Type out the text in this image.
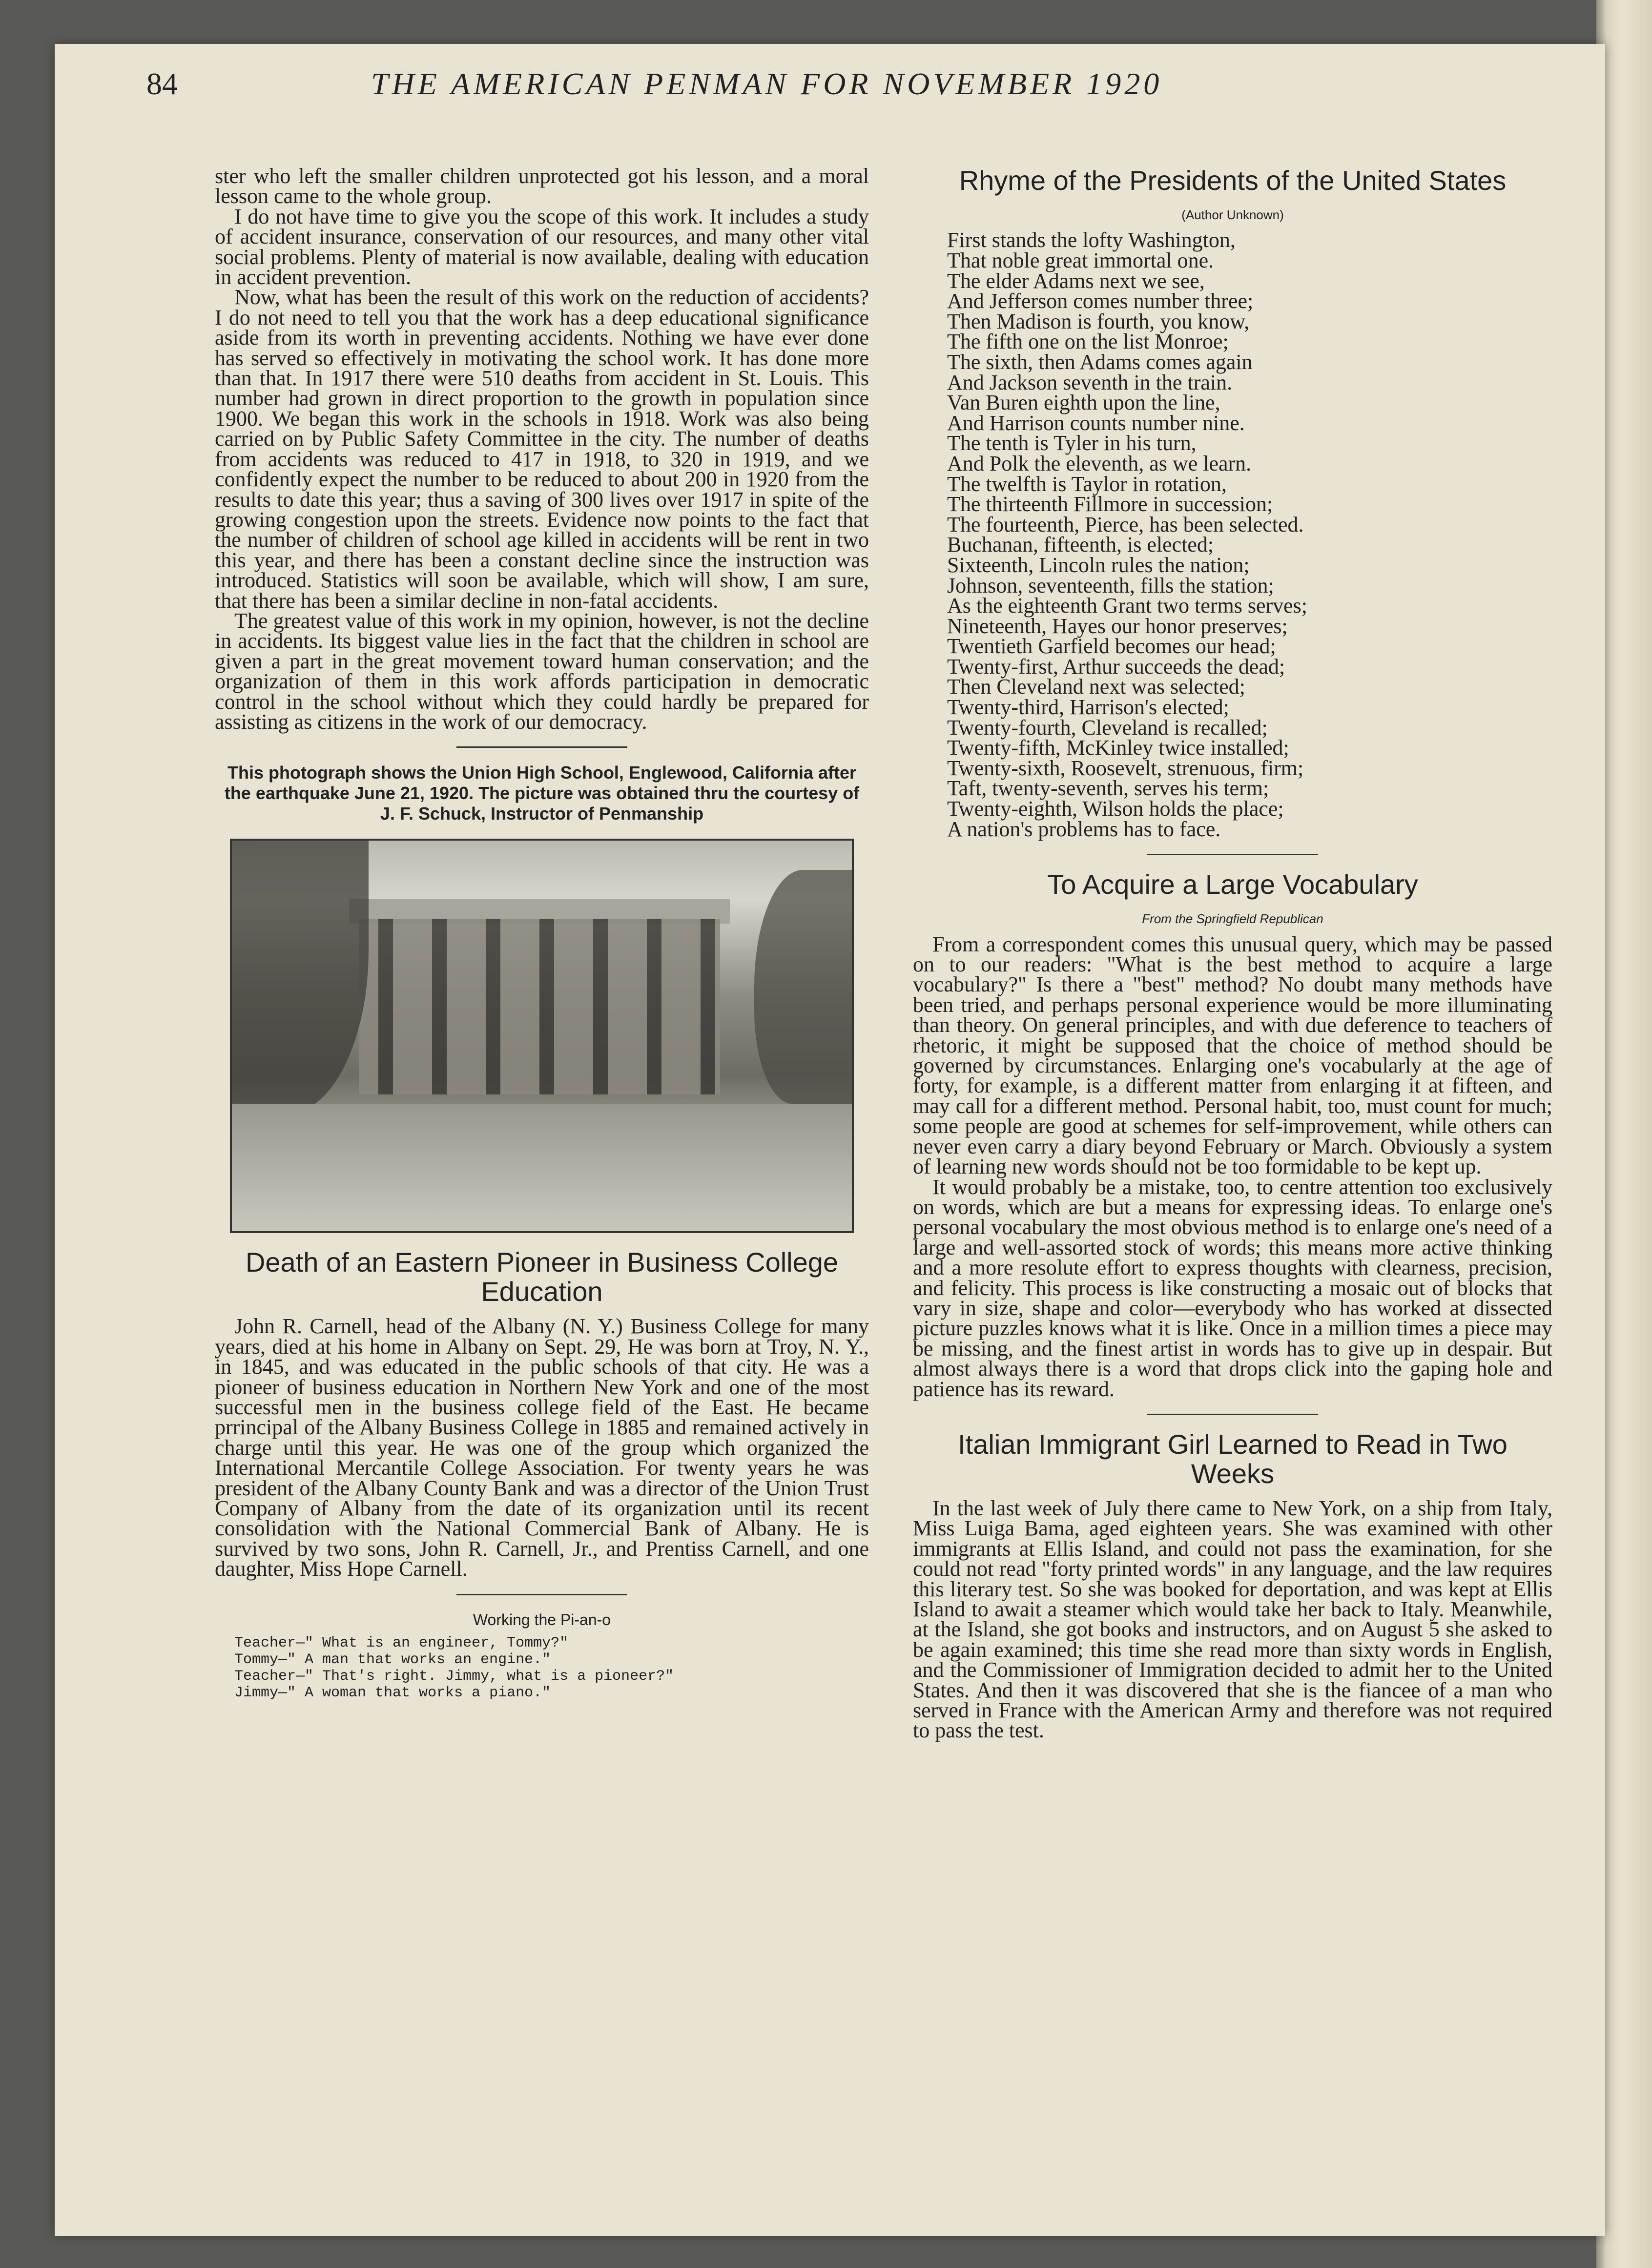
84	THE AMERICAN PENMAN FOR NOVEMBER 1920

ster who left the smaller children unprotected got his lesson, and a moral lesson came to the whole group.

I do not have time to give you the scope of this work. It includes a study of accident insurance, conservation of our resources, and many other vital social problems. Plenty of material is now available, dealing with education in accident prevention.

Now, what has been the result of this work on the reduction of accidents? I do not need to tell you that the work has a deep educational significance aside from its worth in preventing accidents. Nothing we have ever done has served so effectively in motivating the school work. It has done more than that. In 1917 there were 510 deaths from accident in St. Louis. This number had grown in direct proportion to the growth in population since 1900. We began this work in the schools in 1918. Work was also being carried on by Public Safety Committee in the city. The number of deaths from accidents was reduced to 417 in 1918, to 320 in 1919, and we confidently expect the number to be reduced to about 200 in 1920 from the results to date this year; thus a saving of 300 lives over 1917 in spite of the growing congestion upon the streets. Evidence now points to the fact that the number of children of school age killed in accidents will be rent in two this year, and there has been a constant decline since the instruction was introduced. Statistics will soon be available, which will show, I am sure, that there has been a similar decline in non-fatal accidents.

The greatest value of this work in my opinion, however, is not the decline in accidents. Its biggest value lies in the fact that the children in school are given a part in the great movement toward human conservation; and the organization of them in this work affords participation in democratic control in the school without which they could hardly be prepared for assisting as citizens in the work of our democracy.

This photograph shows the Union High School, Englewood, California after the earthquake June 21, 1920. The picture was obtained thru the courtesy of J. F. Schuck, Instructor of Penmanship
Death of an Eastern Pioneer in Business College Education

John R. Carnell, head of the Albany (N. Y.) Business College for many years, died at his home in Albany on Sept. 29, He was born at Troy, N. Y., in 1845, and was educated in the public schools of that city. He was a pioneer of business education in Northern New York and one of the most successful men in the business college field of the East. He became prrincipal of the Albany Business College in 1885 and remained actively in charge until this year. He was one of the group which organized the International Mercantile College Association. For twenty years he was president of the Albany County Bank and was a director of the Union Trust Company of Albany from the date of its organization until its recent consolidation with the National Commercial Bank of Albany. He is survived by two sons, John R. Carnell, Jr., and Prentiss Carnell, and one daughter, Miss Hope Carnell.

Working the Pi-an-o
Teacher—" What is an engineer, Tommy?"
Tommy—" A man that works an engine."
Teacher—" That's right. Jimmy, what is a pioneer?"
Jimmy—" A woman that works a piano."
Rhyme of the Presidents of the United States
(Author Unknown)
First stands the lofty Washington,
That noble great immortal one.
The elder Adams next we see,
And Jefferson comes number three;
Then Madison is fourth, you know,
The fifth one on the list Monroe;
The sixth, then Adams comes again
And Jackson seventh in the train.
Van Buren eighth upon the line,
And Harrison counts number nine.
The tenth is Tyler in his turn,
And Polk the eleventh, as we learn.
The twelfth is Taylor in rotation,
The thirteenth Fillmore in succession;
The fourteenth, Pierce, has been selected.
Buchanan, fifteenth, is elected;
Sixteenth, Lincoln rules the nation;
Johnson, seventeenth, fills the station;
As the eighteenth Grant two terms serves;
Nineteenth, Hayes our honor preserves;
Twentieth Garfield becomes our head;
Twenty-first, Arthur succeeds the dead;
Then Cleveland next was selected;
Twenty-third, Harrison's elected;
Twenty-fourth, Cleveland is recalled;
Twenty-fifth, McKinley twice installed;
Twenty-sixth, Roosevelt, strenuous, firm;
Taft, twenty-seventh, serves his term;
Twenty-eighth, Wilson holds the place;
A nation's problems has to face.
To Acquire a Large Vocabulary
From the Springfield Republican

From a correspondent comes this unusual query, which may be passed on to our readers: "What is the best method to acquire a large vocabulary?" Is there a "best" method? No doubt many methods have been tried, and perhaps personal experience would be more illuminating than theory. On general principles, and with due deference to teachers of rhetoric, it might be supposed that the choice of method should be governed by circumstances. Enlarging one's vocabularly at the age of forty, for example, is a different matter from enlarging it at fifteen, and may call for a different method. Personal habit, too, must count for much; some people are good at schemes for self-improvement, while others can never even carry a diary beyond February or March. Obviously a system of learning new words should not be too formidable to be kept up.

It would probably be a mistake, too, to centre attention too exclusively on words, which are but a means for expressing ideas. To enlarge one's personal vocabulary the most obvious method is to enlarge one's need of a large and well-assorted stock of words; this means more active thinking and a more resolute effort to express thoughts with clearness, precision, and felicity. This process is like constructing a mosaic out of blocks that vary in size, shape and color—everybody who has worked at dissected picture puzzles knows what it is like. Once in a million times a piece may be missing, and the finest artist in words has to give up in despair. But almost always there is a word that drops click into the gaping hole and patience has its reward.

Italian Immigrant Girl Learned to Read in Two Weeks

In the last week of July there came to New York, on a ship from Italy, Miss Luiga Bama, aged eighteen years. She was examined with other immigrants at Ellis Island, and could not pass the examination, for she could not read "forty printed words" in any language, and the law requires this literary test. So she was booked for deportation, and was kept at Ellis Island to await a steamer which would take her back to Italy. Meanwhile, at the Island, she got books and instructors, and on August 5 she asked to be again examined; this time she read more than sixty words in English, and the Commissioner of Immigration decided to admit her to the United States. And then it was discovered that she is the fiancee of a man who served in France with the American Army and therefore was not required to pass the test.
